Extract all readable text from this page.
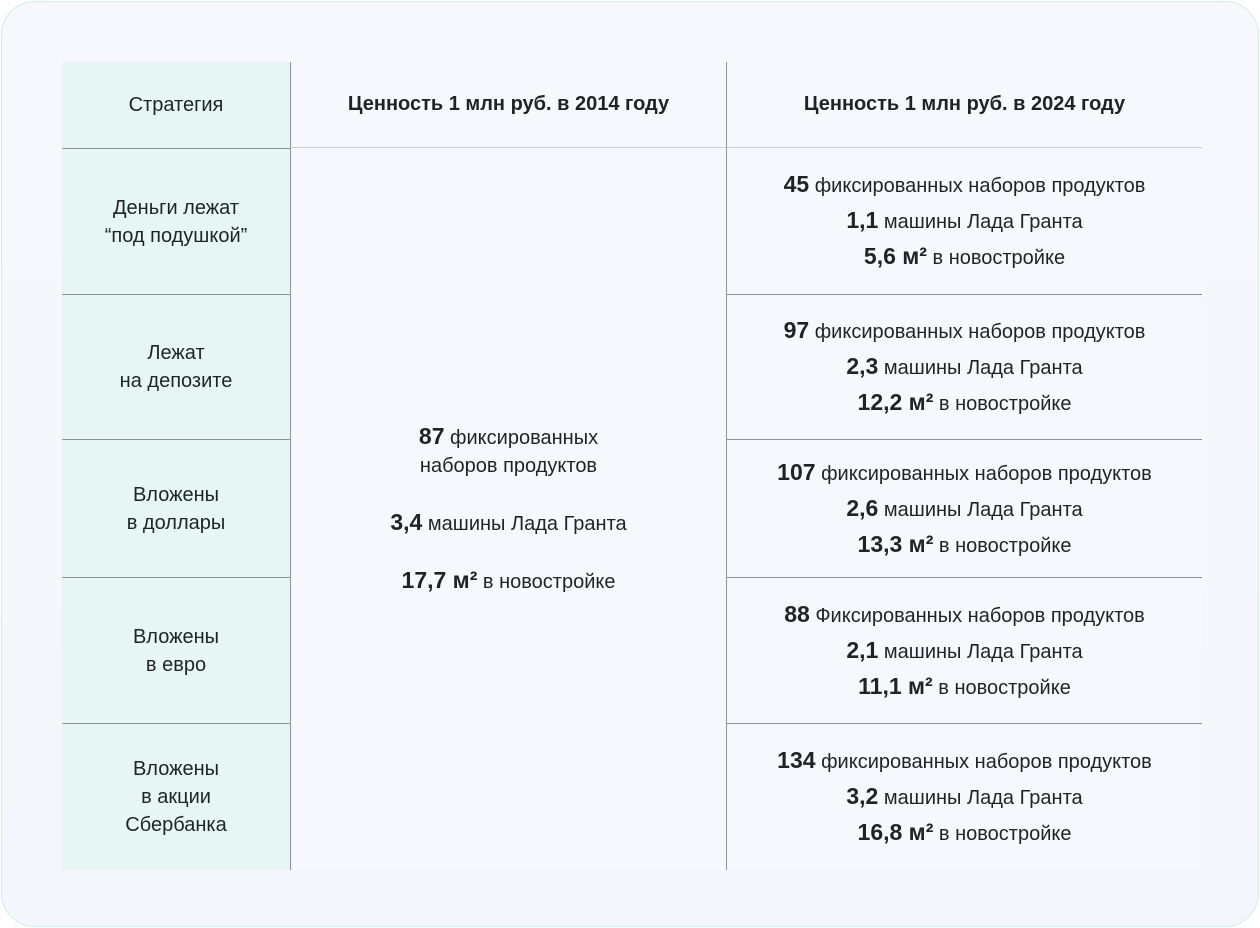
Стратегия	Ценность 1 млн руб. в 2014 году	Ценность 1 млн руб. в 2024 году
Деньги лежат
“под подушкой”
Лежат
на депозите
Вложены
в доллары
Вложены
в евро
Вложены
в акции
Сбербанка
87 фиксированных
наборов продуктов
3,4 машины Лада Гранта
17,7 м² в новостройке
45 фиксированных наборов продуктов
1,1 машины Лада Гранта
5,6 м² в новостройке
97 фиксированных наборов продуктов
2,3 машины Лада Гранта
12,2 м² в новостройке
107 фиксированных наборов продуктов
2,6 машины Лада Гранта
13,3 м² в новостройке
88 Фиксированных наборов продуктов
2,1 машины Лада Гранта
11,1 м² в новостройке
134 фиксированных наборов продуктов
3,2 машины Лада Гранта
16,8 м² в новостройке
